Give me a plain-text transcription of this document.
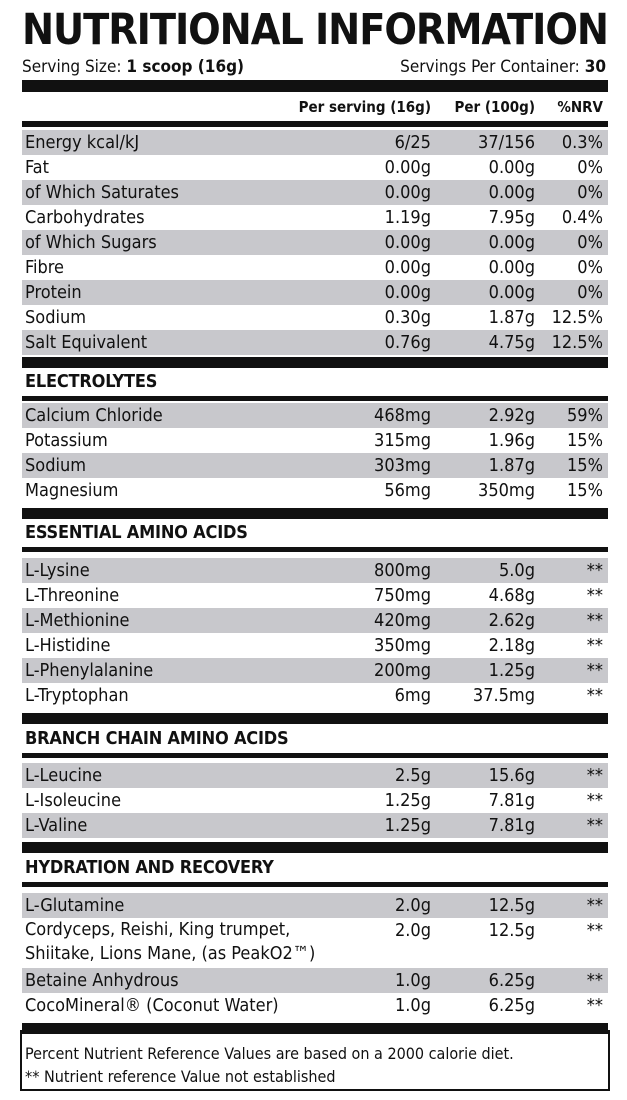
NUTRITIONAL INFORMATION
Serving Size: 1 scoop (16g)	Servings Per Container: 30
Per serving (16g) Per (100g) %NRV
Energy kcal/kJ	6/25	37/156 0.3%
Fat	0.00g	0.00g 0%
of Which Saturates	0.00g	0.00g 0%
Carbohydrates	1.19g	7.95g 0.4%
of Which Sugars	0.00g	0.00g 0%
Fibre	0.00g	0.00g 0%
Protein	0.00g	0.00g 0%
Sodium	0.30g	1.87g 12.5%
Salt Equivalent	0.76g	4.75g 12.5%
ELECTROLYTES
Calcium Chloride	468mg	2.92g 59%
Potassium	315mg	1.96g 15%
Sodium	303mg	1.87g 15%
Magnesium	56mg	350mg 15%
ESSENTIAL AMINO ACIDS
L-Lysine	800mg	5.0g	**
L-Threonine	750mg	4.68g	**
L-Methionine	420mg	2.62g	**
L-Histidine	350mg	2.18g	**
L-Phenylalanine	200mg	1.25g	**
L-Tryptophan	6mg 37.5mg	**
BRANCH CHAIN AMINO ACIDS
L-Leucine	2.5g	15.6g	**
L-Isoleucine	1.25g	7.81g	**
L-Valine	1.25g	7.81g	**
HYDRATION AND RECOVERY
L-Glutamine	2.0g	12.5g	**
Cordyceps, Reishi, King trumpet,
Shiitake, Lions Mane, (as PeakO2™)
2.0g	12.5g	**
Betaine Anhydrous	1.0g	6.25g	**
CocoMineral® (Coconut Water)	1.0g	6.25g	**
Percent Nutrient Reference Values are based on a 2000 calorie diet.
** Nutrient reference Value not established
